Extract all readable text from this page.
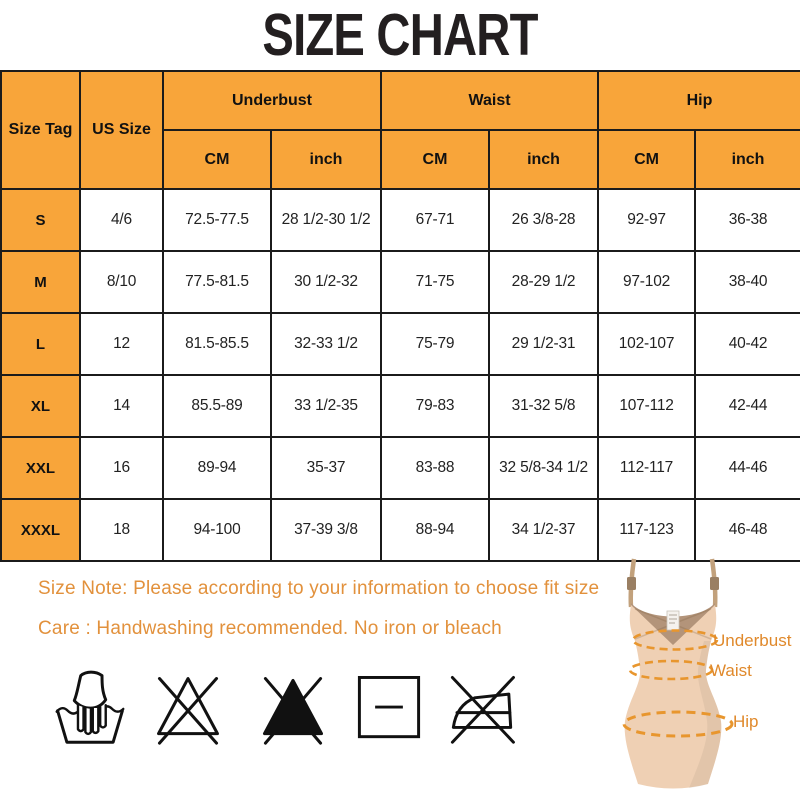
SIZE CHART
Size Tag	US Size	Underbust		Waist		Hip	
		CM	inch	CM	inch	CM	inch
S	4/6	72.5-77.5	28 1/2-30 1/2	67-71	26 3/8-28	92-97	36-38
M	8/10	77.5-81.5	30 1/2-32	71-75	28-29 1/2	97-102	38-40
L	12	81.5-85.5	32-33 1/2	75-79	29 1/2-31	102-107	40-42
XL	14	85.5-89	33 1/2-35	79-83	31-32 5/8	107-112	42-44
XXL	16	89-94	35-37	83-88	32 5/8-34 1/2	112-117	44-46
XXXL	18	94-100	37-39 3/8	88-94	34 1/2-37	117-123	46-48
Size Note: Please according to your information to choose fit size
Care : Handwashing recommended. No iron or bleach
Underbust
Waist
Hip
